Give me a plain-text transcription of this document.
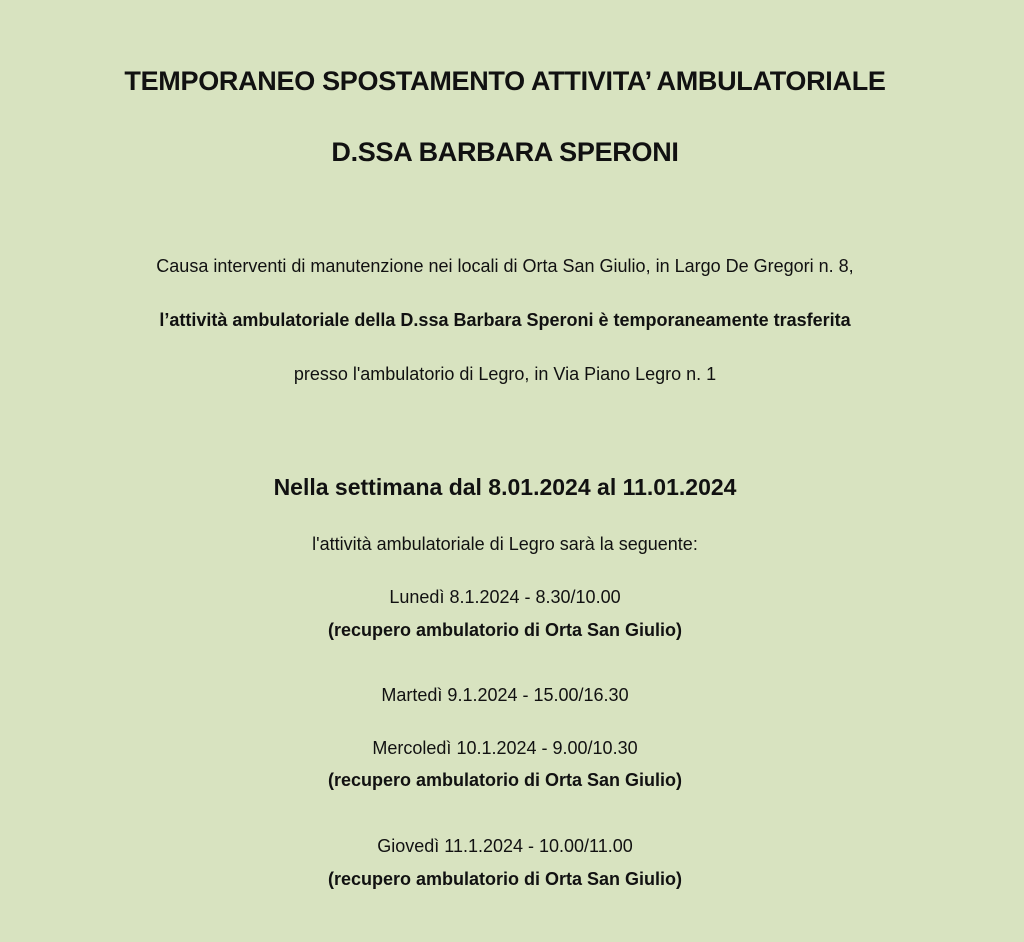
TEMPORANEO SPOSTAMENTO ATTIVITA’ AMBULATORIALE
D.SSA BARBARA SPERONI
Causa interventi di manutenzione nei locali di Orta San Giulio, in Largo De Gregori n. 8,
l’attività ambulatoriale della D.ssa Barbara Speroni è temporaneamente trasferita
presso l'ambulatorio di Legro, in Via Piano Legro n. 1
Nella settimana dal 8.01.2024 al 11.01.2024
l'attività ambulatoriale di Legro sarà la seguente:
Lunedì 8.1.2024 - 8.30/10.00
(recupero ambulatorio di Orta San Giulio)
Martedì 9.1.2024 - 15.00/16.30
Mercoledì 10.1.2024 - 9.00/10.30
(recupero ambulatorio di Orta San Giulio)
Giovedì 11.1.2024 - 10.00/11.00
(recupero ambulatorio di Orta San Giulio)
